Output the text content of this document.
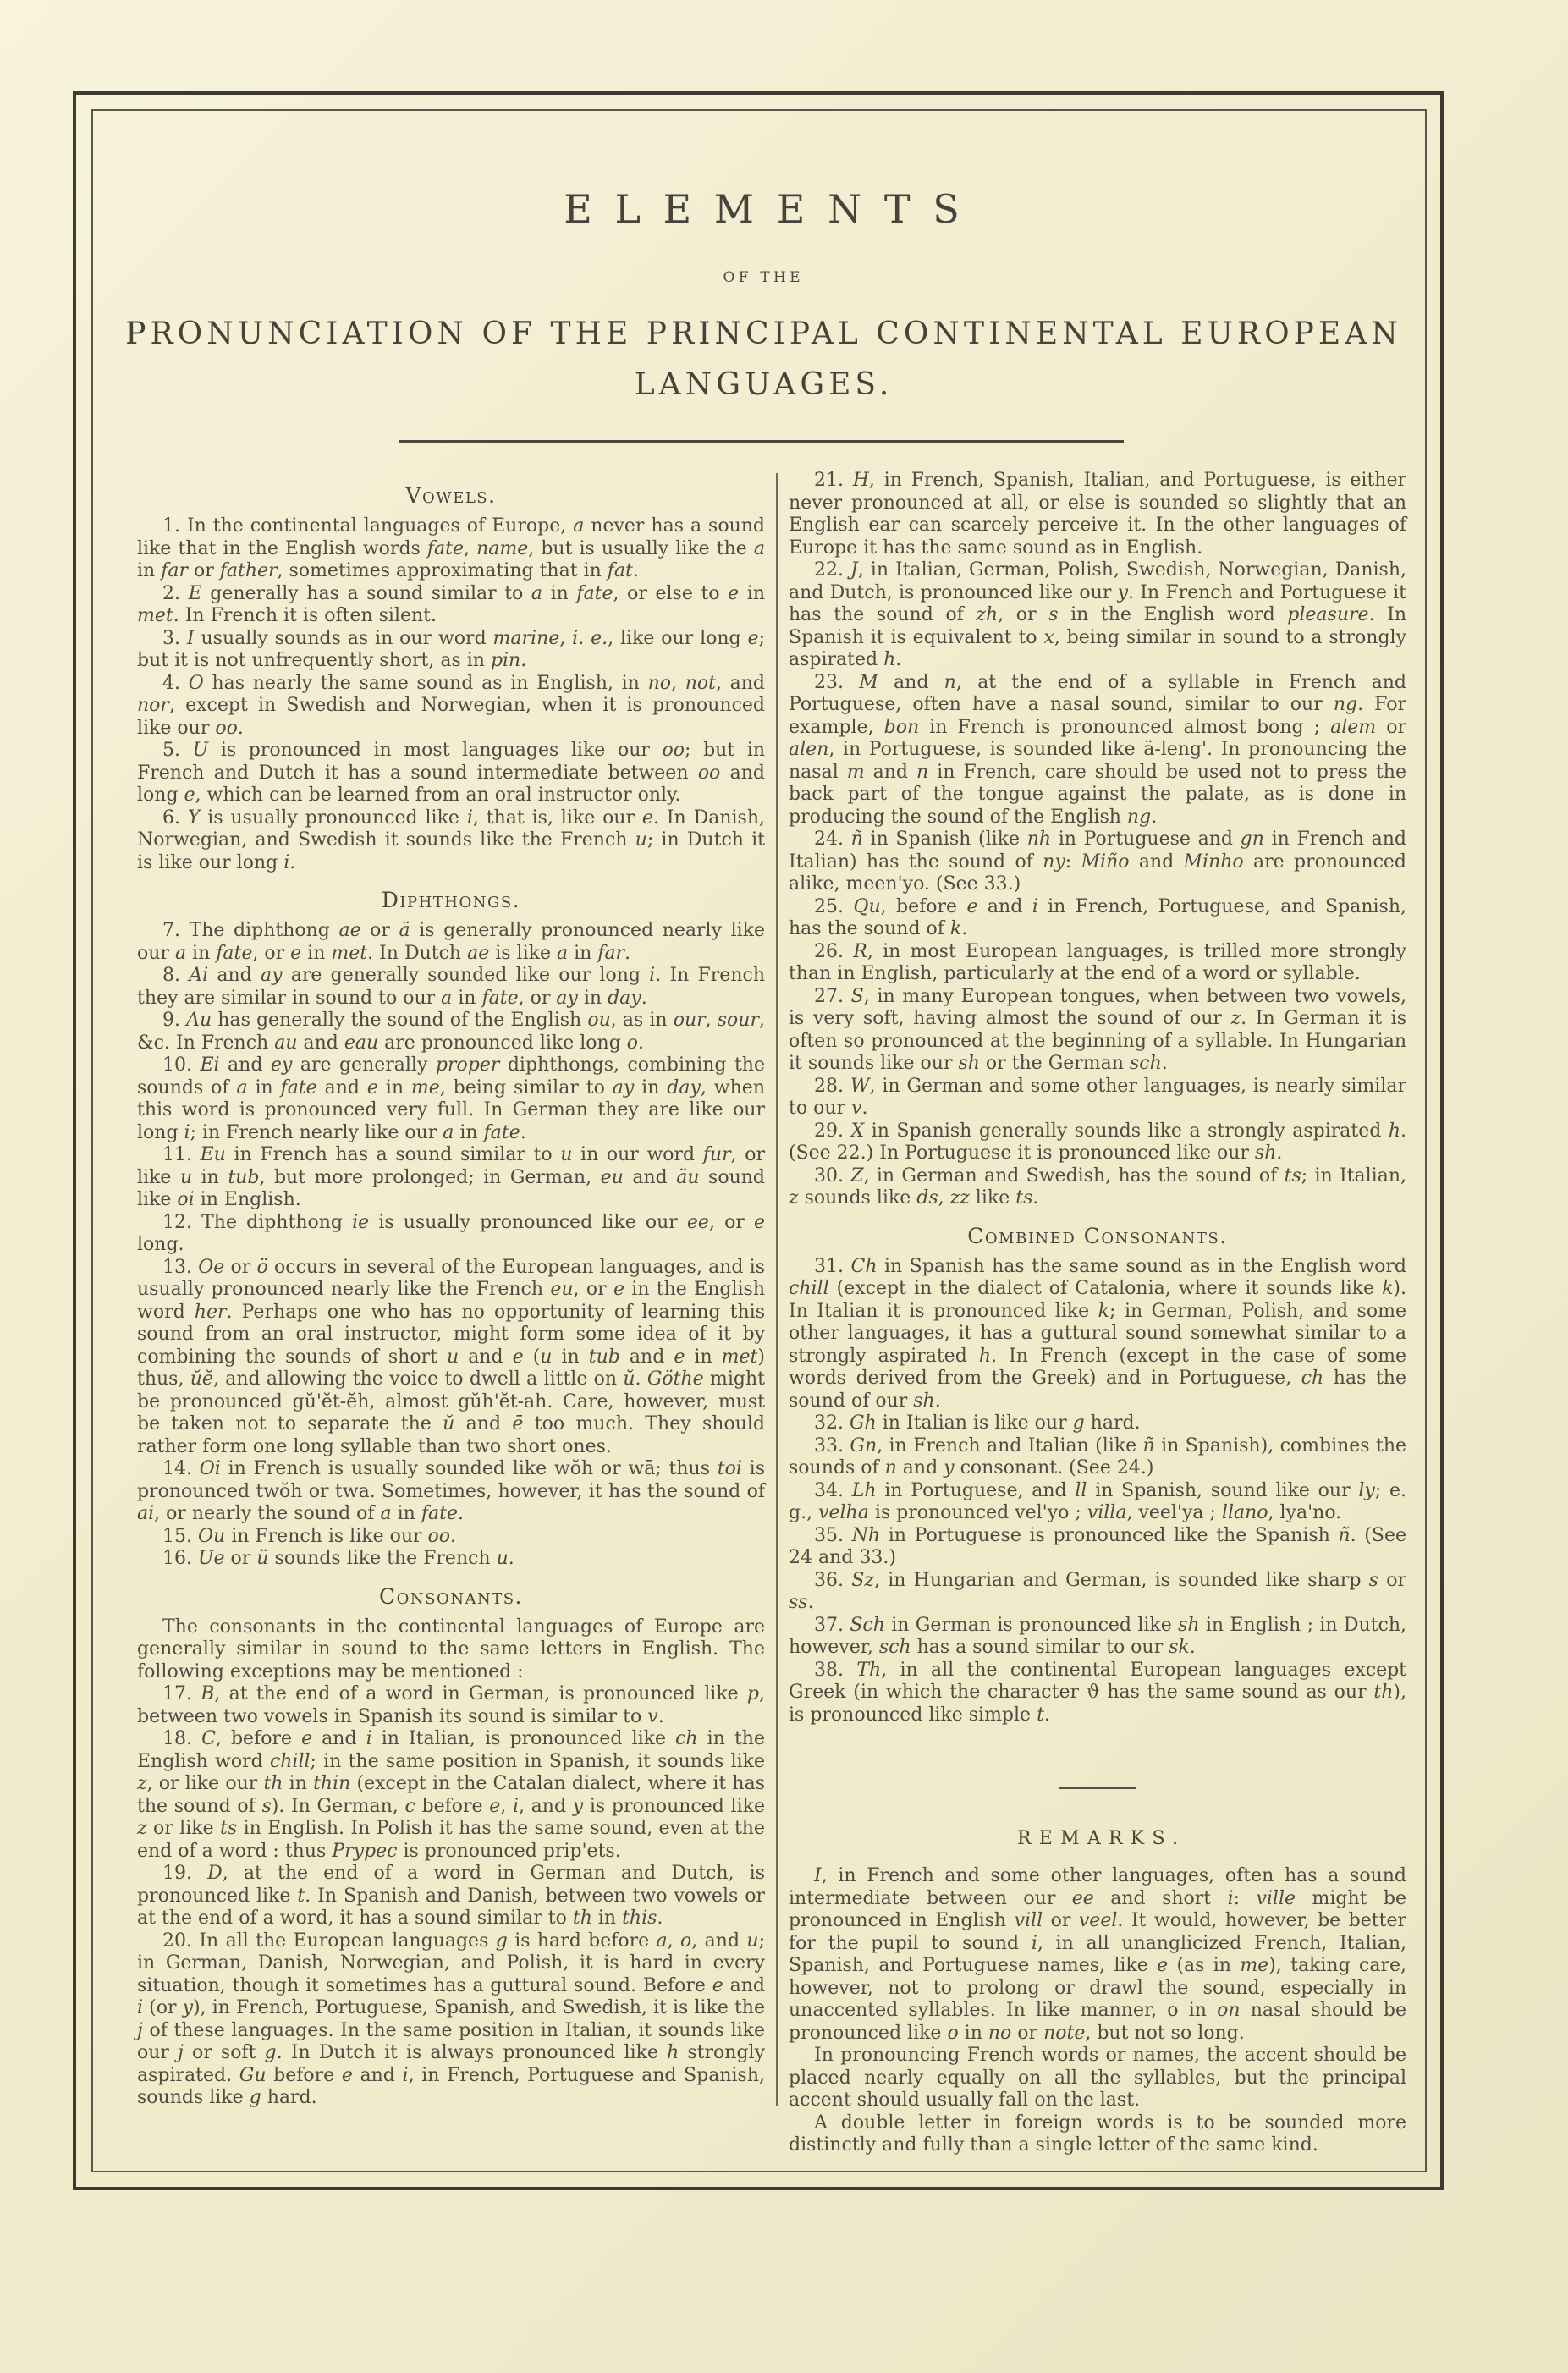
ELEMENTS
OF THE
PRONUNCIATION OF THE PRINCIPAL CONTINENTAL EUROPEAN
LANGUAGES.
Vowels.

1. In the continental languages of Europe, a never has a sound like that in the English words fate, name, but is usually like the a in far or father, sometimes approximating that in fat.

2. E generally has a sound similar to a in fate, or else to e in met. In French it is often silent.

3. I usually sounds as in our word marine, i. e., like our long e; but it is not unfrequently short, as in pin.

4. O has nearly the same sound as in English, in no, not, and nor, except in Swedish and Norwegian, when it is pronounced like our oo.

5. U is pronounced in most languages like our oo; but in French and Dutch it has a sound intermediate between oo and long e, which can be learned from an oral instructor only.

6. Y is usually pronounced like i, that is, like our e. In Danish, Norwegian, and Swedish it sounds like the French u; in Dutch it is like our long i.

Diphthongs.

7. The diphthong ae or ä is generally pronounced nearly like our a in fate, or e in met. In Dutch ae is like a in far.

8. Ai and ay are generally sounded like our long i. In French they are similar in sound to our a in fate, or ay in day.

9. Au has generally the sound of the English ou, as in our, sour, &c. In French au and eau are pronounced like long o.

10. Ei and ey are generally proper diphthongs, combining the sounds of a in fate and e in me, being similar to ay in day, when this word is pronounced very full. In German they are like our long i; in French nearly like our a in fate.

11. Eu in French has a sound similar to u in our word fur, or like u in tub, but more prolonged; in German, eu and äu sound like oi in English.

12. The diphthong ie is usually pronounced like our ee, or e long.

13. Oe or ö occurs in several of the European languages, and is usually pronounced nearly like the French eu, or e in the English word her. Perhaps one who has no opportunity of learning this sound from an oral instructor, might form some idea of it by combining the sounds of short u and e (u in tub and e in met) thus, ŭĕ, and allowing the voice to dwell a little on ŭ. Göthe might be pronounced gŭ'ĕt-ĕh, almost gŭh'ĕt-ah. Care, however, must be taken not to separate the ŭ and ē too much. They should rather form one long syllable than two short ones.

14. Oi in French is usually sounded like wŏh or wā; thus toi is pronounced twŏh or twa. Sometimes, however, it has the sound of ai, or nearly the sound of a in fate.

15. Ou in French is like our oo.

16. Ue or ü sounds like the French u.

Consonants.

The consonants in the continental languages of Europe are generally similar in sound to the same letters in English. The following exceptions may be mentioned :

17. B, at the end of a word in German, is pronounced like p, between two vowels in Spanish its sound is similar to v.

18. C, before e and i in Italian, is pronounced like ch in the English word chill; in the same position in Spanish, it sounds like z, or like our th in thin (except in the Catalan dialect, where it has the sound of s). In German, c before e, i, and y is pronounced like z or like ts in English. In Polish it has the same sound, even at the end of a word : thus Prypec is pronounced prip'ets.

19. D, at the end of a word in German and Dutch, is pronounced like t. In Spanish and Danish, between two vowels or at the end of a word, it has a sound similar to th in this.

20. In all the European languages g is hard before a, o, and u; in German, Danish, Norwegian, and Polish, it is hard in every situation, though it sometimes has a guttural sound. Before e and i (or y), in French, Portuguese, Spanish, and Swedish, it is like the j of these languages. In the same position in Italian, it sounds like our j or soft g. In Dutch it is always pronounced like h strongly aspirated. Gu before e and i, in French, Portuguese and Spanish, sounds like g hard.

21. H, in French, Spanish, Italian, and Portuguese, is either never pronounced at all, or else is sounded so slightly that an English ear can scarcely perceive it. In the other languages of Europe it has the same sound as in English.

22. J, in Italian, German, Polish, Swedish, Norwegian, Danish, and Dutch, is pronounced like our y. In French and Portuguese it has the sound of zh, or s in the English word pleasure. In Spanish it is equivalent to x, being similar in sound to a strongly aspirated h.

23. M and n, at the end of a syllable in French and Portuguese, often have a nasal sound, similar to our ng. For example, bon in French is pronounced almost bong ; alem or alen, in Portuguese, is sounded like ä-leng'. In pronouncing the nasal m and n in French, care should be used not to press the back part of the tongue against the palate, as is done in producing the sound of the English ng.

24. ñ in Spanish (like nh in Portuguese and gn in French and Italian) has the sound of ny: Miño and Minho are pronounced alike, meen'yo. (See 33.)

25. Qu, before e and i in French, Portuguese, and Spanish, has the sound of k.

26. R, in most European languages, is trilled more strongly than in English, particularly at the end of a word or syllable.

27. S, in many European tongues, when between two vowels, is very soft, having almost the sound of our z. In German it is often so pronounced at the beginning of a syllable. In Hungarian it sounds like our sh or the German sch.

28. W, in German and some other languages, is nearly similar to our v.

29. X in Spanish generally sounds like a strongly aspirated h. (See 22.) In Portuguese it is pronounced like our sh.

30. Z, in German and Swedish, has the sound of ts; in Italian, z sounds like ds, zz like ts.

Combined Consonants.

31. Ch in Spanish has the same sound as in the English word chill (except in the dialect of Catalonia, where it sounds like k). In Italian it is pronounced like k; in German, Polish, and some other languages, it has a guttural sound somewhat similar to a strongly aspirated h. In French (except in the case of some words derived from the Greek) and in Portuguese, ch has the sound of our sh.

32. Gh in Italian is like our g hard.

33. Gn, in French and Italian (like ñ in Spanish), combines the sounds of n and y consonant. (See 24.)

34. Lh in Portuguese, and ll in Spanish, sound like our ly; e. g., velha is pronounced vel'yo ; villa, veel'ya ; llano, lya'no.

35. Nh in Portuguese is pronounced like the Spanish ñ. (See 24 and 33.)

36. Sz, in Hungarian and German, is sounded like sharp s or ss.

37. Sch in German is pronounced like sh in English ; in Dutch, however, sch has a sound similar to our sk.

38. Th, in all the continental European languages except Greek (in which the character ϑ has the same sound as our th), is pronounced like simple t.

REMARKS.

I, in French and some other languages, often has a sound intermediate between our ee and short i: ville might be pronounced in English vill or veel. It would, however, be better for the pupil to sound i, in all unanglicized French, Italian, Spanish, and Portuguese names, like e (as in me), taking care, however, not to prolong or drawl the sound, especially in unaccented syllables. In like manner, o in on nasal should be pronounced like o in no or note, but not so long.

In pronouncing French words or names, the accent should be placed nearly equally on all the syllables, but the principal accent should usually fall on the last.

A double letter in foreign words is to be sounded more distinctly and fully than a single letter of the same kind.
